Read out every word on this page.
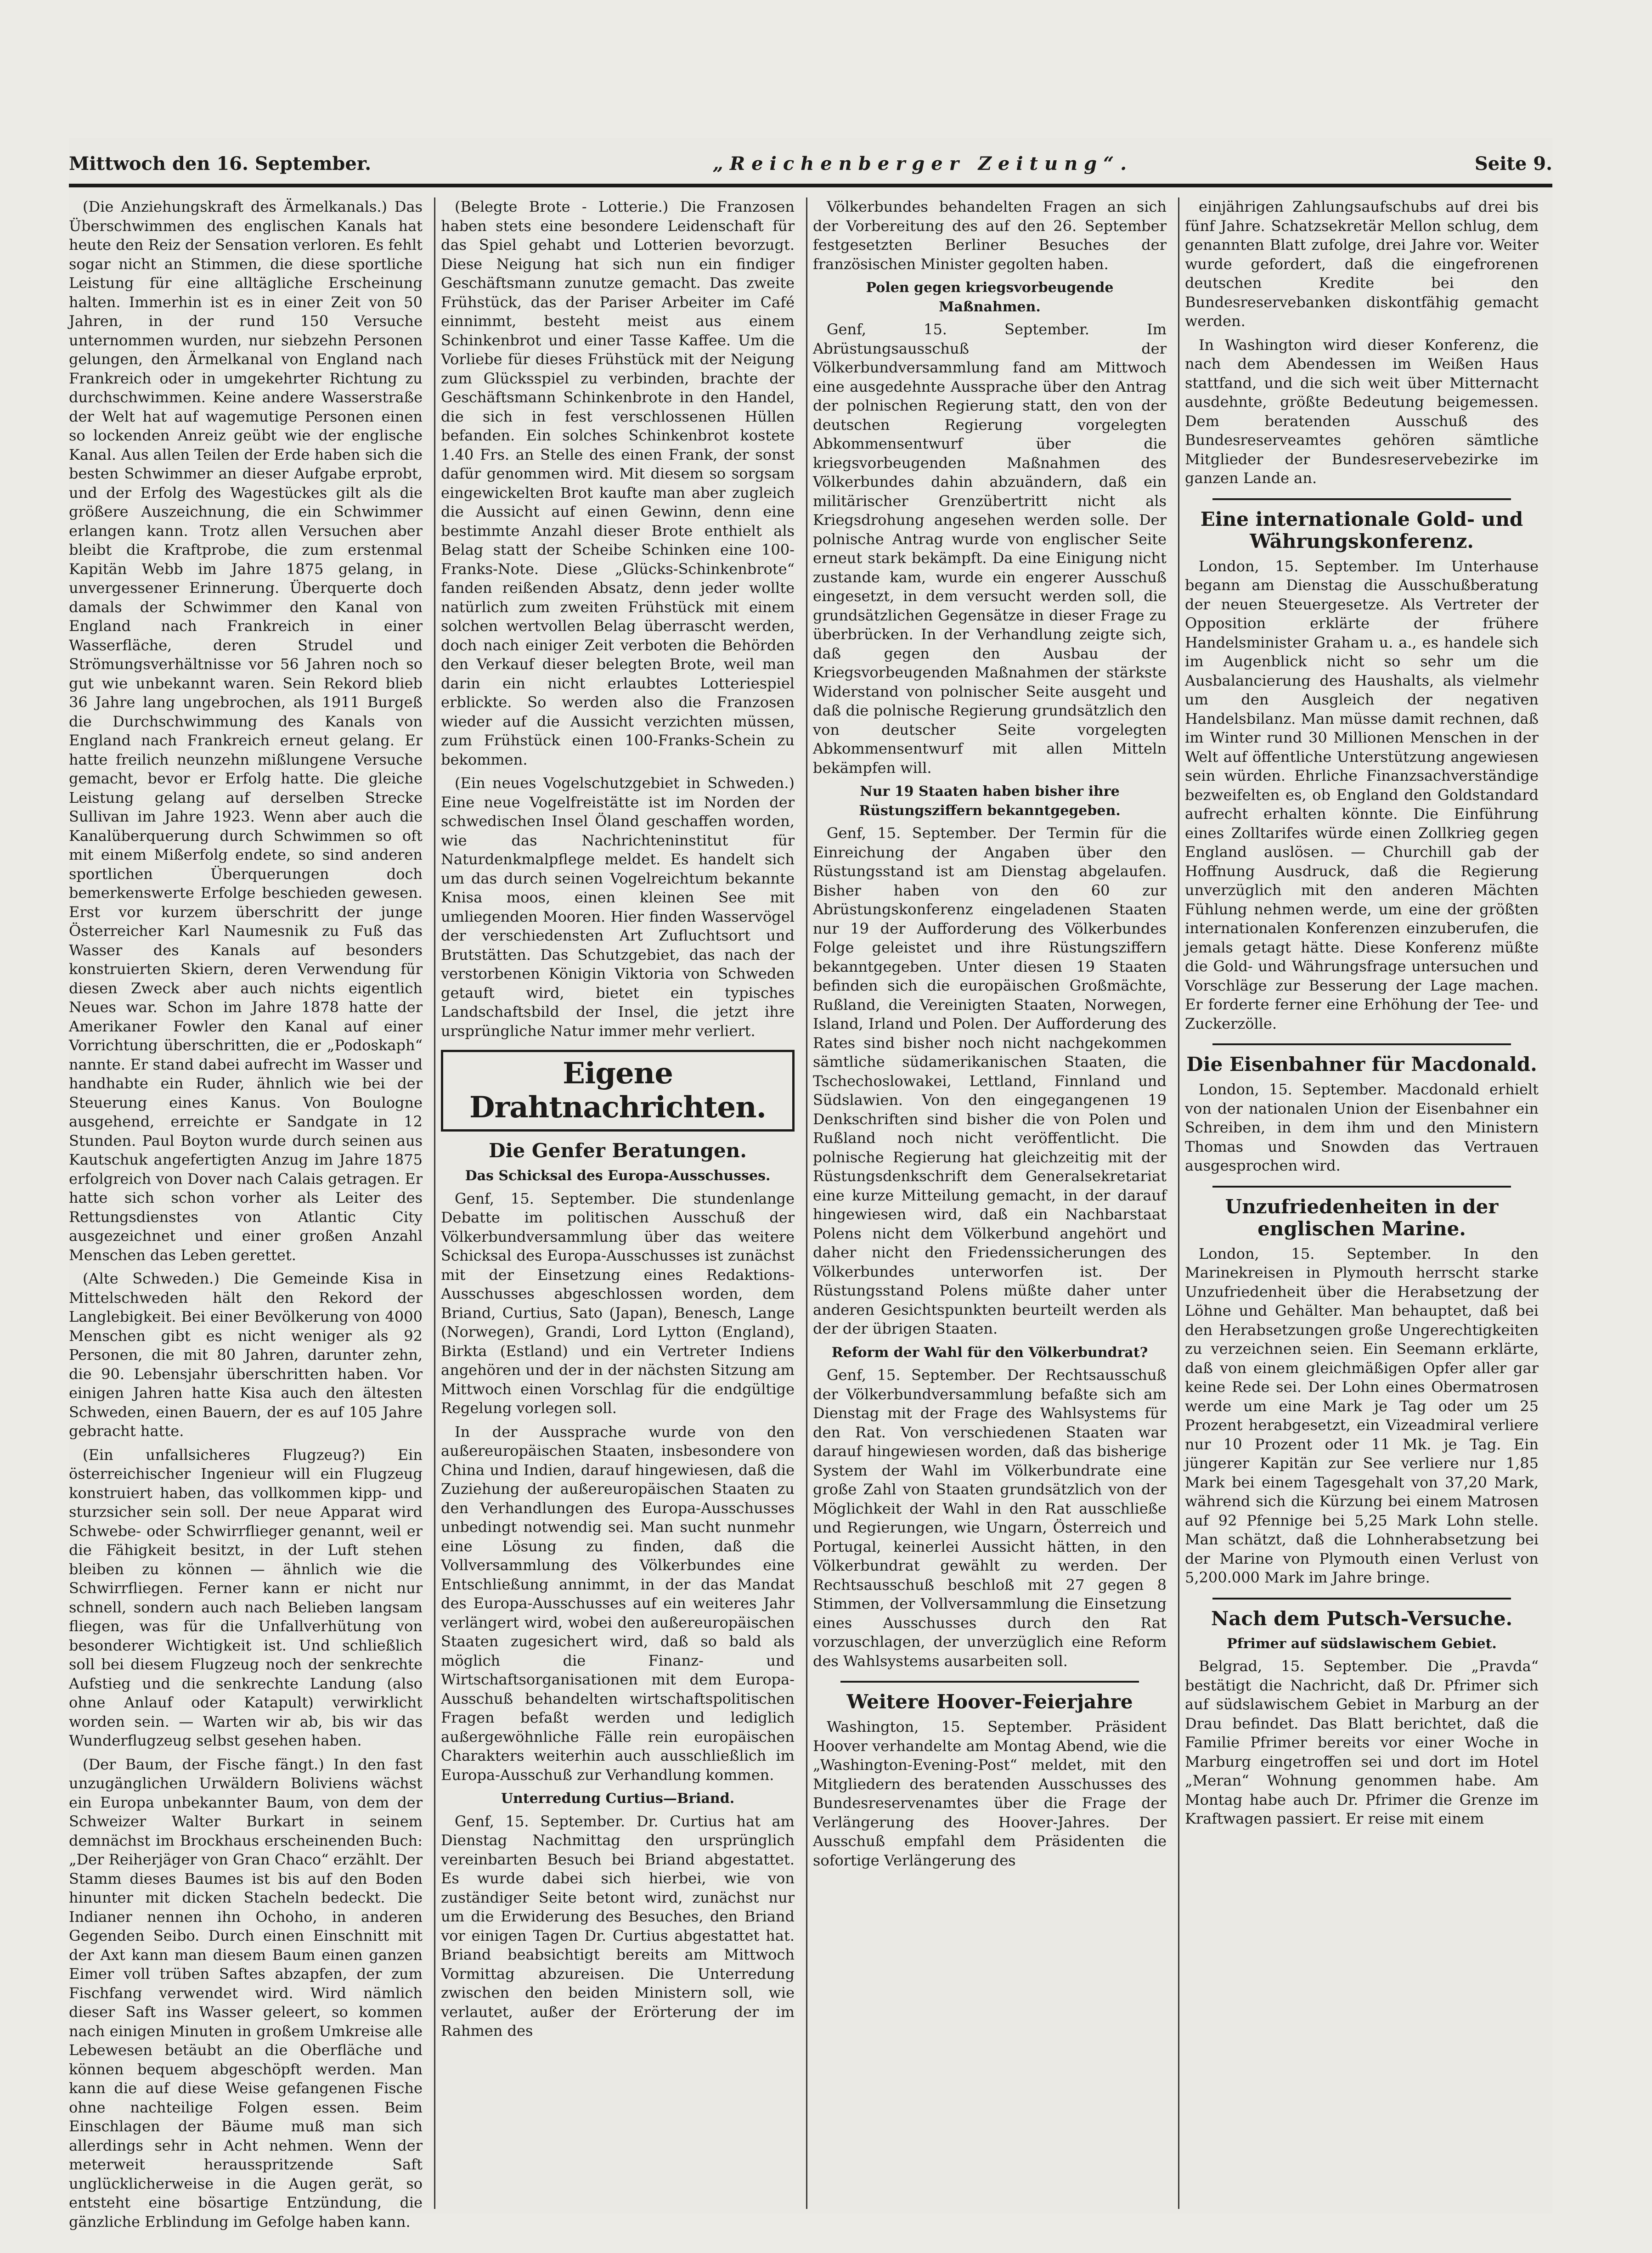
Mittwoch den 16. September.	„Reichenberger Zeitung“.	Seite 9.

(Die Anziehungskraft des Ärmelkanals.) Das Überschwimmen des englischen Kanals hat heute den Reiz der Sensation verloren. Es fehlt sogar nicht an Stimmen, die diese sportliche Leistung für eine alltägliche Erscheinung halten. Immerhin ist es in einer Zeit von 50 Jahren, in der rund 150 Versuche unternommen wurden, nur siebzehn Personen gelungen, den Ärmelkanal von England nach Frankreich oder in umgekehrter Richtung zu durchschwimmen. Keine andere Wasserstraße der Welt hat auf wagemutige Personen einen so lockenden Anreiz geübt wie der englische Kanal. Aus allen Teilen der Erde haben sich die besten Schwimmer an dieser Aufgabe erprobt, und der Erfolg des Wagestückes gilt als die größere Auszeichnung, die ein Schwimmer erlangen kann. Trotz allen Versuchen aber bleibt die Kraftprobe, die zum erstenmal Kapitän Webb im Jahre 1875 gelang, in unvergessener Erinnerung. Überquerte doch damals der Schwimmer den Kanal von England nach Frankreich in einer Wasserfläche, deren Strudel und Strömungsverhältnisse vor 56 Jahren noch so gut wie unbekannt waren. Sein Rekord blieb 36 Jahre lang ungebrochen, als 1911 Burgeß die Durchschwimmung des Kanals von England nach Frankreich erneut gelang. Er hatte freilich neunzehn mißlungene Versuche gemacht, bevor er Erfolg hatte. Die gleiche Leistung gelang auf derselben Strecke Sullivan im Jahre 1923. Wenn aber auch die Kanalüberquerung durch Schwimmen so oft mit einem Mißerfolg endete, so sind anderen sportlichen Überquerungen doch bemerkenswerte Erfolge beschieden gewesen. Erst vor kurzem überschritt der junge Österreicher Karl Naumesnik zu Fuß das Wasser des Kanals auf besonders konstruierten Skiern, deren Verwendung für diesen Zweck aber auch nichts eigentlich Neues war. Schon im Jahre 1878 hatte der Amerikaner Fowler den Kanal auf einer Vorrichtung überschritten, die er „Podoskaph“ nannte. Er stand dabei aufrecht im Wasser und handhabte ein Ruder, ähnlich wie bei der Steuerung eines Kanus. Von Boulogne ausgehend, erreichte er Sandgate in 12 Stunden. Paul Boyton wurde durch seinen aus Kautschuk angefertigten Anzug im Jahre 1875 erfolgreich von Dover nach Calais getragen. Er hatte sich schon vorher als Leiter des Rettungsdienstes von Atlantic City ausgezeichnet und einer großen Anzahl Menschen das Leben gerettet.

(Alte Schweden.) Die Gemeinde Kisa in Mittelschweden hält den Rekord der Langlebigkeit. Bei einer Bevölkerung von 4000 Menschen gibt es nicht weniger als 92 Personen, die mit 80 Jahren, darunter zehn, die 90. Lebensjahr überschritten haben. Vor einigen Jahren hatte Kisa auch den ältesten Schweden, einen Bauern, der es auf 105 Jahre gebracht hatte.

(Ein unfallsicheres Flugzeug?) Ein österreichischer Ingenieur will ein Flugzeug konstruiert haben, das vollkommen kipp- und sturzsicher sein soll. Der neue Apparat wird Schwebe- oder Schwirrflieger genannt, weil er die Fähigkeit besitzt, in der Luft stehen bleiben zu können — ähnlich wie die Schwirrfliegen. Ferner kann er nicht nur schnell, sondern auch nach Belieben langsam fliegen, was für die Unfallverhütung von besonderer Wichtigkeit ist. Und schließlich soll bei diesem Flugzeug noch der senkrechte Aufstieg und die senkrechte Landung (also ohne Anlauf oder Katapult) verwirklicht worden sein. — Warten wir ab, bis wir das Wunderflugzeug selbst gesehen haben.

(Der Baum, der Fische fängt.) In den fast unzugänglichen Urwäldern Boliviens wächst ein Europa unbekannter Baum, von dem der Schweizer Walter Burkart in seinem demnächst im Brockhaus erscheinenden Buch: „Der Reiherjäger von Gran Chaco“ erzählt. Der Stamm dieses Baumes ist bis auf den Boden hinunter mit dicken Stacheln bedeckt. Die Indianer nennen ihn Ochoho, in anderen Gegenden Seibo. Durch einen Einschnitt mit der Axt kann man diesem Baum einen ganzen Eimer voll trüben Saftes abzapfen, der zum Fischfang verwendet wird. Wird nämlich dieser Saft ins Wasser geleert, so kommen nach einigen Minuten in großem Umkreise alle Lebewesen betäubt an die Oberfläche und können bequem abgeschöpft werden. Man kann die auf diese Weise gefangenen Fische ohne nachteilige Folgen essen. Beim Einschlagen der Bäume muß man sich allerdings sehr in Acht nehmen. Wenn der meterweit herausspritzende Saft unglücklicherweise in die Augen gerät, so entsteht eine bösartige Entzündung, die gänzliche Erblindung im Gefolge haben kann.

(Belegte Brote - Lotterie.) Die Franzosen haben stets eine besondere Leidenschaft für das Spiel gehabt und Lotterien bevorzugt. Diese Neigung hat sich nun ein findiger Geschäftsmann zunutze gemacht. Das zweite Frühstück, das der Pariser Arbeiter im Café einnimmt, besteht meist aus einem Schinkenbrot und einer Tasse Kaffee. Um die Vorliebe für dieses Frühstück mit der Neigung zum Glücksspiel zu verbinden, brachte der Geschäftsmann Schinkenbrote in den Handel, die sich in fest verschlossenen Hüllen befanden. Ein solches Schinkenbrot kostete 1.40 Frs. an Stelle des einen Frank, der sonst dafür genommen wird. Mit diesem so sorgsam eingewickelten Brot kaufte man aber zugleich die Aussicht auf einen Gewinn, denn eine bestimmte Anzahl dieser Brote enthielt als Belag statt der Scheibe Schinken eine 100-Franks-Note. Diese „Glücks-Schinkenbrote“ fanden reißenden Absatz, denn jeder wollte natürlich zum zweiten Frühstück mit einem solchen wertvollen Belag überrascht werden, doch nach einiger Zeit verboten die Behörden den Verkauf dieser belegten Brote, weil man darin ein nicht erlaubtes Lotteriespiel erblickte. So werden also die Franzosen wieder auf die Aussicht verzichten müssen, zum Frühstück einen 100-Franks-Schein zu bekommen.

(Ein neues Vogelschutzgebiet in Schweden.) Eine neue Vogelfreistätte ist im Norden der schwedischen Insel Öland geschaffen worden, wie das Nachrichteninstitut für Naturdenkmalpflege meldet. Es handelt sich um das durch seinen Vogelreichtum bekannte Knisa moos, einen kleinen See mit umliegenden Mooren. Hier finden Wasservögel der verschiedensten Art Zufluchtsort und Brutstätten. Das Schutzgebiet, das nach der verstorbenen Königin Viktoria von Schweden getauft wird, bietet ein typisches Landschaftsbild der Insel, die jetzt ihre ursprüngliche Natur immer mehr verliert.

Eigene Drahtnachrichten.
Die Genfer Beratungen.
Das Schicksal des Europa-Ausschusses.

Genf, 15. September. Die stundenlange Debatte im politischen Ausschuß der Völkerbundversammlung über das weitere Schicksal des Europa-Ausschusses ist zunächst mit der Einsetzung eines Redaktions-Ausschusses abgeschlossen worden, dem Briand, Curtius, Sato (Japan), Benesch, Lange (Norwegen), Grandi, Lord Lytton (England), Birkta (Estland) und ein Vertreter Indiens angehören und der in der nächsten Sitzung am Mittwoch einen Vorschlag für die endgültige Regelung vorlegen soll.

In der Aussprache wurde von den außereuropäischen Staaten, insbesondere von China und Indien, darauf hingewiesen, daß die Zuziehung der außereuropäischen Staaten zu den Verhandlungen des Europa-Ausschusses unbedingt notwendig sei. Man sucht nunmehr eine Lösung zu finden, daß die Vollversammlung des Völkerbundes eine Entschließung annimmt, in der das Mandat des Europa-Ausschusses auf ein weiteres Jahr verlängert wird, wobei den außereuropäischen Staaten zugesichert wird, daß so bald als möglich die Finanz- und Wirtschaftsorganisationen mit dem Europa-Ausschuß behandelten wirtschaftspolitischen Fragen befaßt werden und lediglich außergewöhnliche Fälle rein europäischen Charakters weiterhin auch ausschließlich im Europa-Ausschuß zur Verhandlung kommen.

Unterredung Curtius—Briand.

Genf, 15. September. Dr. Curtius hat am Dienstag Nachmittag den ursprünglich vereinbarten Besuch bei Briand abgestattet. Es wurde dabei sich hierbei, wie von zuständiger Seite betont wird, zunächst nur um die Erwiderung des Besuches, den Briand vor einigen Tagen Dr. Curtius abgestattet hat. Briand beabsichtigt bereits am Mittwoch Vormittag abzureisen. Die Unterredung zwischen den beiden Ministern soll, wie verlautet, außer der Erörterung der im Rahmen des

Völkerbundes behandelten Fragen an sich der Vorbereitung des auf den 26. September festgesetzten Berliner Besuches der französischen Minister gegolten haben.

Polen gegen kriegsvorbeugende Maßnahmen.

Genf, 15. September. Im Abrüstungsausschuß der Völkerbundversammlung fand am Mittwoch eine ausgedehnte Aussprache über den Antrag der polnischen Regierung statt, den von der deutschen Regierung vorgelegten Abkommensentwurf über die kriegsvorbeugenden Maßnahmen des Völkerbundes dahin abzuändern, daß ein militärischer Grenzübertritt nicht als Kriegsdrohung angesehen werden solle. Der polnische Antrag wurde von englischer Seite erneut stark bekämpft. Da eine Einigung nicht zustande kam, wurde ein engerer Ausschuß eingesetzt, in dem versucht werden soll, die grundsätzlichen Gegensätze in dieser Frage zu überbrücken. In der Verhandlung zeigte sich, daß gegen den Ausbau der Kriegsvorbeugenden Maßnahmen der stärkste Widerstand von polnischer Seite ausgeht und daß die polnische Regierung grundsätzlich den von deutscher Seite vorgelegten Abkommensentwurf mit allen Mitteln bekämpfen will.

Nur 19 Staaten haben bisher ihre Rüstungsziffern bekanntgegeben.

Genf, 15. September. Der Termin für die Einreichung der Angaben über den Rüstungsstand ist am Dienstag abgelaufen. Bisher haben von den 60 zur Abrüstungskonferenz eingeladenen Staaten nur 19 der Aufforderung des Völkerbundes Folge geleistet und ihre Rüstungsziffern bekanntgegeben. Unter diesen 19 Staaten befinden sich die europäischen Großmächte, Rußland, die Vereinigten Staaten, Norwegen, Island, Irland und Polen. Der Aufforderung des Rates sind bisher noch nicht nachgekommen sämtliche südamerikanischen Staaten, die Tschechoslowakei, Lettland, Finnland und Südslawien. Von den eingegangenen 19 Denkschriften sind bisher die von Polen und Rußland noch nicht veröffentlicht. Die polnische Regierung hat gleichzeitig mit der Rüstungsdenkschrift dem Generalsekretariat eine kurze Mitteilung gemacht, in der darauf hingewiesen wird, daß ein Nachbarstaat Polens nicht dem Völkerbund angehört und daher nicht den Friedenssicherungen des Völkerbundes unterworfen ist. Der Rüstungsstand Polens müßte daher unter anderen Gesichtspunkten beurteilt werden als der der übrigen Staaten.

Reform der Wahl für den Völkerbundrat?

Genf, 15. September. Der Rechtsausschuß der Völkerbundversammlung befaßte sich am Dienstag mit der Frage des Wahlsystems für den Rat. Von verschiedenen Staaten war darauf hingewiesen worden, daß das bisherige System der Wahl im Völkerbundrate eine große Zahl von Staaten grundsätzlich von der Möglichkeit der Wahl in den Rat ausschließe und Regierungen, wie Ungarn, Österreich und Portugal, keinerlei Aussicht hätten, in den Völkerbundrat gewählt zu werden. Der Rechtsausschuß beschloß mit 27 gegen 8 Stimmen, der Vollversammlung die Einsetzung eines Ausschusses durch den Rat vorzuschlagen, der unverzüglich eine Reform des Wahlsystems ausarbeiten soll.

Weitere Hoover-Feierjahre

Washington, 15. September. Präsident Hoover verhandelte am Montag Abend, wie die „Washington-Evening-Post“ meldet, mit den Mitgliedern des beratenden Ausschusses des Bundesreservenamtes über die Frage der Verlängerung des Hoover-Jahres. Der Ausschuß empfahl dem Präsidenten die sofortige Verlängerung des

einjährigen Zahlungsaufschubs auf drei bis fünf Jahre. Schatzsekretär Mellon schlug, dem genannten Blatt zufolge, drei Jahre vor. Weiter wurde gefordert, daß die eingefrorenen deutschen Kredite bei den Bundesreservebanken diskontfähig gemacht werden.

In Washington wird dieser Konferenz, die nach dem Abendessen im Weißen Haus stattfand, und die sich weit über Mitternacht ausdehnte, größte Bedeutung beigemessen. Dem beratenden Ausschuß des Bundesreserveamtes gehören sämtliche Mitglieder der Bundesreservebezirke im ganzen Lande an.

Eine internationale Gold- und Währungskonferenz.

London, 15. September. Im Unterhause begann am Dienstag die Ausschußberatung der neuen Steuergesetze. Als Vertreter der Opposition erklärte der frühere Handelsminister Graham u. a., es handele sich im Augenblick nicht so sehr um die Ausbalancierung des Haushalts, als vielmehr um den Ausgleich der negativen Handelsbilanz. Man müsse damit rechnen, daß im Winter rund 30 Millionen Menschen in der Welt auf öffentliche Unterstützung angewiesen sein würden. Ehrliche Finanzsachverständige bezweifelten es, ob England den Goldstandard aufrecht erhalten könnte. Die Einführung eines Zolltarifes würde einen Zollkrieg gegen England auslösen. — Churchill gab der Hoffnung Ausdruck, daß die Regierung unverzüglich mit den anderen Mächten Fühlung nehmen werde, um eine der größten internationalen Konferenzen einzuberufen, die jemals getagt hätte. Diese Konferenz müßte die Gold- und Währungsfrage untersuchen und Vorschläge zur Besserung der Lage machen. Er forderte ferner eine Erhöhung der Tee- und Zuckerzölle.

Die Eisenbahner für Macdonald.

London, 15. September. Macdonald erhielt von der nationalen Union der Eisenbahner ein Schreiben, in dem ihm und den Ministern Thomas und Snowden das Vertrauen ausgesprochen wird.

Unzufriedenheiten in der englischen Marine.

London, 15. September. In den Marinekreisen in Plymouth herrscht starke Unzufriedenheit über die Herabsetzung der Löhne und Gehälter. Man behauptet, daß bei den Herabsetzungen große Ungerechtigkeiten zu verzeichnen seien. Ein Seemann erklärte, daß von einem gleichmäßigen Opfer aller gar keine Rede sei. Der Lohn eines Obermatrosen werde um eine Mark je Tag oder um 25 Prozent herabgesetzt, ein Vizeadmiral verliere nur 10 Prozent oder 11 Mk. je Tag. Ein jüngerer Kapitän zur See verliere nur 1,85 Mark bei einem Tagesgehalt von 37,20 Mark, während sich die Kürzung bei einem Matrosen auf 92 Pfennige bei 5,25 Mark Lohn stelle. Man schätzt, daß die Lohnherabsetzung bei der Marine von Plymouth einen Verlust von 5,200.000 Mark im Jahre bringe.

Nach dem Putsch-Versuche.
Pfrimer auf südslawischem Gebiet.

Belgrad, 15. September. Die „Pravda“ bestätigt die Nachricht, daß Dr. Pfrimer sich auf südslawischem Gebiet in Marburg an der Drau befindet. Das Blatt berichtet, daß die Familie Pfrimer bereits vor einer Woche in Marburg eingetroffen sei und dort im Hotel „Meran“ Wohnung genommen habe. Am Montag habe auch Dr. Pfrimer die Grenze im Kraftwagen passiert. Er reise mit einem
